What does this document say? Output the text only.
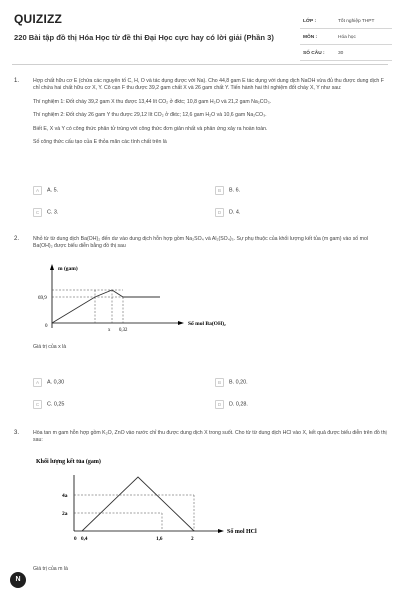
QUIZIZZ
220 Bài tập đồ thị Hóa Học từ đề thi Đại Học cực hay có lời giải (Phần 3)
LỚP :	Tốt nghiệp THPT
MÔN :	Hóa học
SỐ CÂU :	30
1.	Hợp chất hữu cơ E (chứa các nguyên tố C, H, O và tác dụng được với Na). Cho 44,8 gam E tác dụng với dung dịch NaOH vừa đủ thu được dung dịch F chỉ chứa hai chất hữu cơ X, Y. Cô cạn F thu được 39,2 gam chất X và 26 gam chất Y. Tiến hành hai thí nghiệm đốt cháy X, Y như sau:

Thí nghiệm 1: Đốt cháy 39,2 gam X thu được 13,44 lít CO₂ ở đktc; 10,8 gam H₂O và 21,2 gam Na₂CO₃.

Thí nghiệm 2: Đốt cháy 26 gam Y thu được 29,12 lít CO₂ ở đktc; 12,6 gam H₂O và 10,6 gam Na₂CO₃.

Biết E, X và Y có công thức phân tử trùng với công thức đơn giản nhất và phản ứng xảy ra hoàn toàn.

Số công thức cấu tạo của E thỏa mãn các tính chất trên là

A A. 5.	B B. 6.
C C. 3.	D D. 4.
2.	Nhỏ từ từ dung dịch Ba(OH)₂ đến dư vào dung dịch hỗn hợp gồm Na₂SO₄ và Al₂(SO₄)₃. Sự phụ thuộc của khối lượng kết tủa (m gam) vào số mol Ba(OH)₂ được biểu diễn bằng đồ thị sau

m (gam)
69,9
0
x 0,32
Số mol Ba(OH)₂
Giá trị của x là
A A. 0,30	B B. 0,20.
C C. 0,25	D D. 0,28.
3.	Hòa tan m gam hỗn hợp gồm K₂O, ZnO vào nước chỉ thu được dung dịch X trong suốt. Cho từ từ dung dịch HCl vào X, kết quả được biểu diễn trên đồ thị sau:

Khối lượng kết tủa (gam)
4a
2a
0 0,4	1,6	2
Số mol HCl
Giá trị của m là
N
